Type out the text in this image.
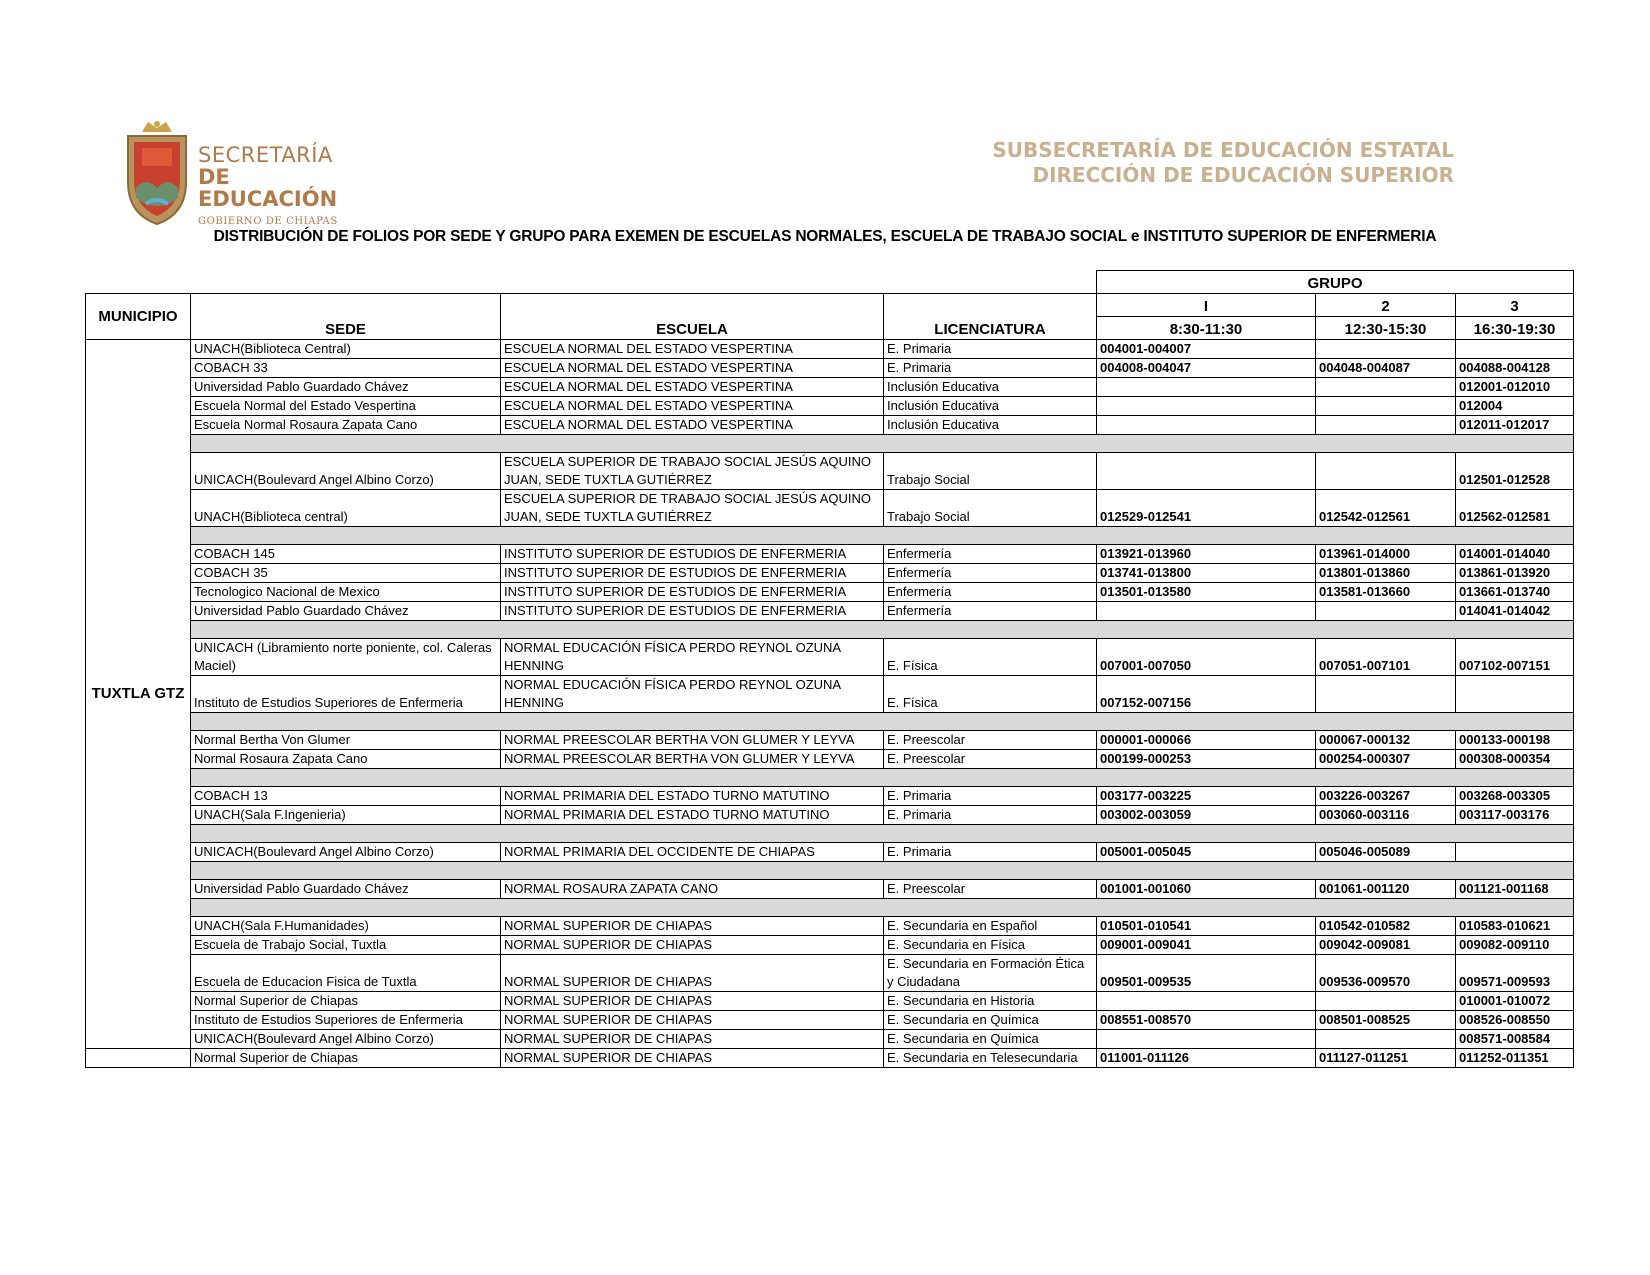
SECRETARÍA
DE EDUCACIÓN
GOBIERNO DE CHIAPAS
SUBSECRETARÍA DE EDUCACIÓN ESTATAL
DIRECCIÓN DE EDUCACIÓN SUPERIOR
DISTRIBUCIÓN DE FOLIOS POR SEDE Y GRUPO PARA EXEMEN DE ESCUELAS NORMALES, ESCUELA DE TRABAJO SOCIAL e INSTITUTO SUPERIOR DE ENFERMERIA
				GRUPO		
MUNICIPIO	SEDE	ESCUELA	LICENCIATURA	I	2	3
				8:30-11:30	12:30-15:30	16:30-19:30
TUXTLA GTZ	UNACH(Biblioteca Central)	ESCUELA NORMAL DEL ESTADO VESPERTINA	E. Primaria	004001-004007		
	COBACH 33	ESCUELA NORMAL DEL ESTADO VESPERTINA	E. Primaria	004008-004047	004048-004087	004088-004128
	Universidad Pablo Guardado Chávez	ESCUELA NORMAL DEL ESTADO VESPERTINA	Inclusión Educativa			012001-012010
	Escuela Normal del Estado Vespertina	ESCUELA NORMAL DEL ESTADO VESPERTINA	Inclusión Educativa			012004
	Escuela Normal Rosaura Zapata Cano	ESCUELA NORMAL DEL ESTADO VESPERTINA	Inclusión Educativa			012011-012017

	UNICACH(Boulevard Angel Albino Corzo)	ESCUELA SUPERIOR DE TRABAJO SOCIAL JESÚS AQUINO JUAN, SEDE TUXTLA GUTIÉRREZ	Trabajo Social			012501-012528
	UNACH(Biblioteca central)	ESCUELA SUPERIOR DE TRABAJO SOCIAL JESÚS AQUINO JUAN, SEDE TUXTLA GUTIÉRREZ	Trabajo Social	012529-012541	012542-012561	012562-012581

	COBACH 145	INSTITUTO SUPERIOR DE ESTUDIOS DE ENFERMERIA	Enfermería	013921-013960	013961-014000	014001-014040
	COBACH 35	INSTITUTO SUPERIOR DE ESTUDIOS DE ENFERMERIA	Enfermería	013741-013800	013801-013860	013861-013920
	Tecnologico Nacional de Mexico	INSTITUTO SUPERIOR DE ESTUDIOS DE ENFERMERIA	Enfermería	013501-013580	013581-013660	013661-013740
	Universidad Pablo Guardado Chávez	INSTITUTO SUPERIOR DE ESTUDIOS DE ENFERMERIA	Enfermería			014041-014042

	UNICACH (Libramiento norte poniente, col. Caleras Maciel)	NORMAL EDUCACIÓN FÍSICA PERDO REYNOL OZUNA HENNING	E. Física	007001-007050	007051-007101	007102-007151
	Instituto de Estudios Superiores de Enfermeria	NORMAL EDUCACIÓN FÍSICA PERDO REYNOL OZUNA HENNING	E. Física	007152-007156		

	Normal Bertha Von Glumer	NORMAL PREESCOLAR BERTHA VON GLUMER Y LEYVA	E. Preescolar	000001-000066	000067-000132	000133-000198
	Normal Rosaura Zapata Cano	NORMAL PREESCOLAR BERTHA VON GLUMER Y LEYVA	E. Preescolar	000199-000253	000254-000307	000308-000354

	COBACH 13	NORMAL PRIMARIA DEL ESTADO TURNO MATUTINO	E. Primaria	003177-003225	003226-003267	003268-003305
	UNACH(Sala F.Ingenieria)	NORMAL PRIMARIA DEL ESTADO TURNO MATUTINO	E. Primaria	003002-003059	003060-003116	003117-003176

	UNICACH(Boulevard Angel Albino Corzo)	NORMAL PRIMARIA DEL OCCIDENTE DE CHIAPAS	E. Primaria	005001-005045	005046-005089	

	Universidad Pablo Guardado Chávez	NORMAL ROSAURA ZAPATA CANO	E. Preescolar	001001-001060	001061-001120	001121-001168

	UNACH(Sala F.Humanidades)	NORMAL SUPERIOR DE CHIAPAS	E. Secundaria en Español	010501-010541	010542-010582	010583-010621
	Escuela de Trabajo Social, Tuxtla	NORMAL SUPERIOR DE CHIAPAS	E. Secundaria en Física	009001-009041	009042-009081	009082-009110
	Escuela de Educacion Fisica de Tuxtla	NORMAL SUPERIOR DE CHIAPAS	E. Secundaria en Formación Ética y Ciudadana	009501-009535	009536-009570	009571-009593
	Normal Superior de Chiapas	NORMAL SUPERIOR DE CHIAPAS	E. Secundaria en Historia			010001-010072
	Instituto de Estudios Superiores de Enfermeria	NORMAL SUPERIOR DE CHIAPAS	E. Secundaria en Química	008551-008570	008501-008525	008526-008550
	UNICACH(Boulevard Angel Albino Corzo)	NORMAL SUPERIOR DE CHIAPAS	E. Secundaria en Química			008571-008584
	Normal Superior de Chiapas	NORMAL SUPERIOR DE CHIAPAS	E. Secundaria en Telesecundaria	011001-011126	011127-011251	011252-011351
